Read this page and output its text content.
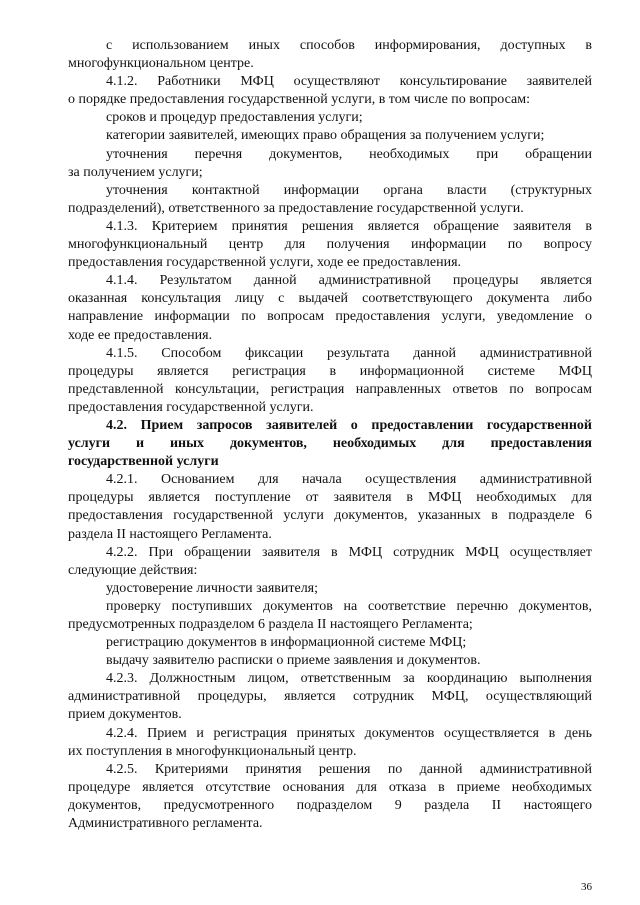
с использованием иных способов информирования, доступных в
многофункциональном центре.
4.1.2. Работники МФЦ осуществляют консультирование заявителей
о порядке предоставления государственной услуги, в том числе по вопросам:
сроков и процедур предоставления услуги;
категории заявителей, имеющих право обращения за получением услуги;
уточнения перечня документов, необходимых при обращении
за получением услуги;
уточнения контактной информации органа власти (структурных
подразделений), ответственного за предоставление государственной услуги.
4.1.3. Критерием принятия решения является обращение заявителя в
многофункциональный центр для получения информации по вопросу
предоставления государственной услуги, ходе ее предоставления.
4.1.4. Результатом данной административной процедуры является
оказанная консультация лицу с выдачей соответствующего документа либо
направление информации по вопросам предоставления услуги, уведомление о
ходе ее предоставления.
4.1.5. Способом фиксации результата данной административной
процедуры является регистрация в информационной системе МФЦ
представленной консультации, регистрация направленных ответов по вопросам
предоставления государственной услуги.
4.2. Прием запросов заявителей о предоставлении государственной
услуги и иных документов, необходимых для предоставления
государственной услуги
4.2.1. Основанием для начала осуществления административной
процедуры является поступление от заявителя в МФЦ необходимых для
предоставления государственной услуги документов, указанных в подразделе 6
раздела II настоящего Регламента.
4.2.2. При обращении заявителя в МФЦ сотрудник МФЦ осуществляет
следующие действия:
удостоверение личности заявителя;
проверку поступивших документов на соответствие перечню документов,
предусмотренных подразделом 6 раздела II настоящего Регламента;
регистрацию документов в информационной системе МФЦ;
выдачу заявителю расписки о приеме заявления и документов.
4.2.3. Должностным лицом, ответственным за координацию выполнения
административной процедуры, является сотрудник МФЦ, осуществляющий
прием документов.
4.2.4. Прием и регистрация принятых документов осуществляется в день
их поступления в многофункциональный центр.
4.2.5. Критериями принятия решения по данной административной
процедуре является отсутствие основания для отказа в приеме необходимых
документов, предусмотренного подразделом 9 раздела II настоящего
Административного регламента.
36
